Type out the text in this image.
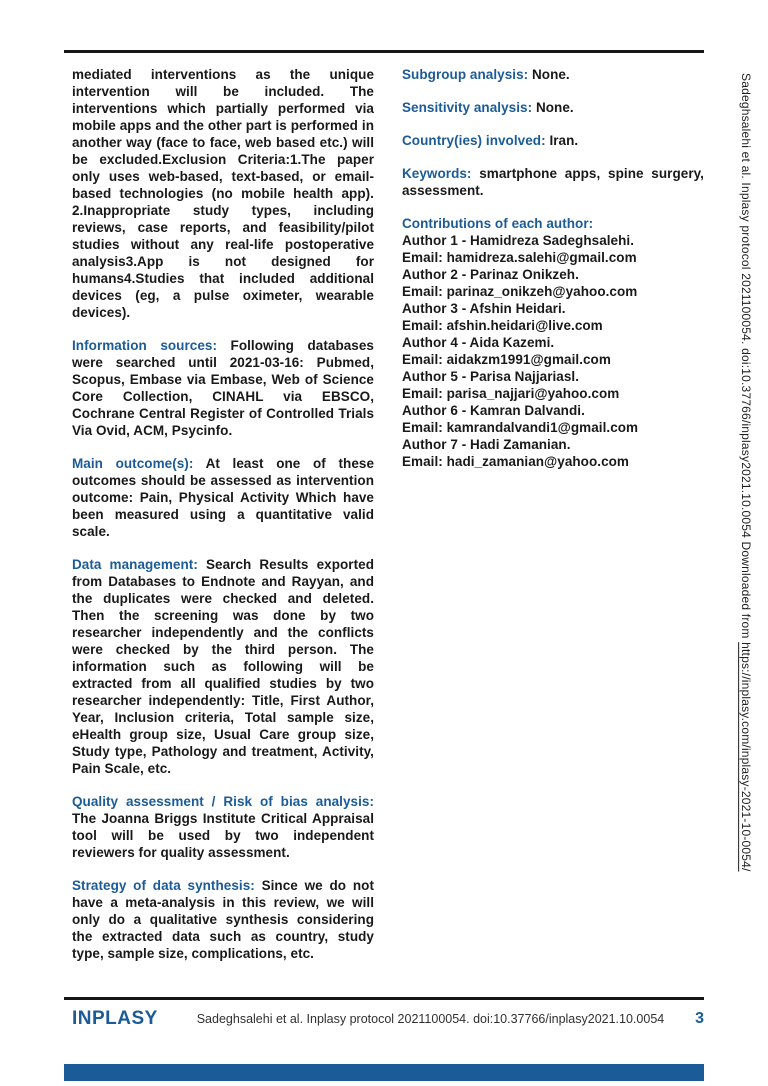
mediated interventions as the unique intervention will be included. The interventions which partially performed via mobile apps and the other part is performed in another way (face to face, web based etc.) will be excluded.Exclusion Criteria:1.The paper only uses web-based, text-based, or email-based technologies (no mobile health app). 2.Inappropriate study types, including reviews, case reports, and feasibility/pilot studies without any real-life postoperative analysis3.App is not designed for humans4.Studies that included additional devices (eg, a pulse oximeter, wearable devices).

Information sources: Following databases were searched until 2021-03-16: Pubmed, Scopus, Embase via Embase, Web of Science Core Collection, CINAHL via EBSCO, Cochrane Central Register of Controlled Trials Via Ovid, ACM, Psycinfo.

Main outcome(s): At least one of these outcomes should be assessed as intervention outcome: Pain, Physical Activity Which have been measured using a quantitative valid scale.

Data management: Search Results exported from Databases to Endnote and Rayyan, and the duplicates were checked and deleted. Then the screening was done by two researcher independently and the conflicts were checked by the third person. The information such as following will be extracted from all qualified studies by two researcher independently: Title, First Author, Year, Inclusion criteria, Total sample size, eHealth group size, Usual Care group size, Study type, Pathology and treatment, Activity, Pain Scale, etc.

Quality assessment / Risk of bias analysis: The Joanna Briggs Institute Critical Appraisal tool will be used by two independent reviewers for quality assessment.

Strategy of data synthesis: Since we do not have a meta-analysis in this review, we will only do a qualitative synthesis considering the extracted data such as country, study type, sample size, complications, etc.

Subgroup analysis: None.

Sensitivity analysis: None.

Country(ies) involved: Iran.

Keywords: smartphone apps, spine surgery, assessment.

Contributions of each author:
Author 1 - Hamidreza Sadeghsalehi.
Email: hamidreza.salehi@gmail.com
Author 2 - Parinaz Onikzeh.
Email: parinaz_onikzeh@yahoo.com
Author 3 - Afshin Heidari.
Email: afshin.heidari@live.com
Author 4 - Aida Kazemi.
Email: aidakzm1991@gmail.com
Author 5 - Parisa Najjariasl.
Email: parisa_najjari@yahoo.com
Author 6 - Kamran Dalvandi.
Email: kamrandalvandi1@gmail.com
Author 7 - Hadi Zamanian.
Email: hadi_zamanian@yahoo.com	Sadeghsalehi et al. Inplasy protocol 2021100054. doi:10.37766/inplasy2021.10.0054 Downloaded from https://inplasy.com/inplasy-2021-10-0054/
INPLASY	Sadeghsalehi et al. Inplasy protocol 2021100054. doi:10.37766/inplasy2021.10.0054	3
